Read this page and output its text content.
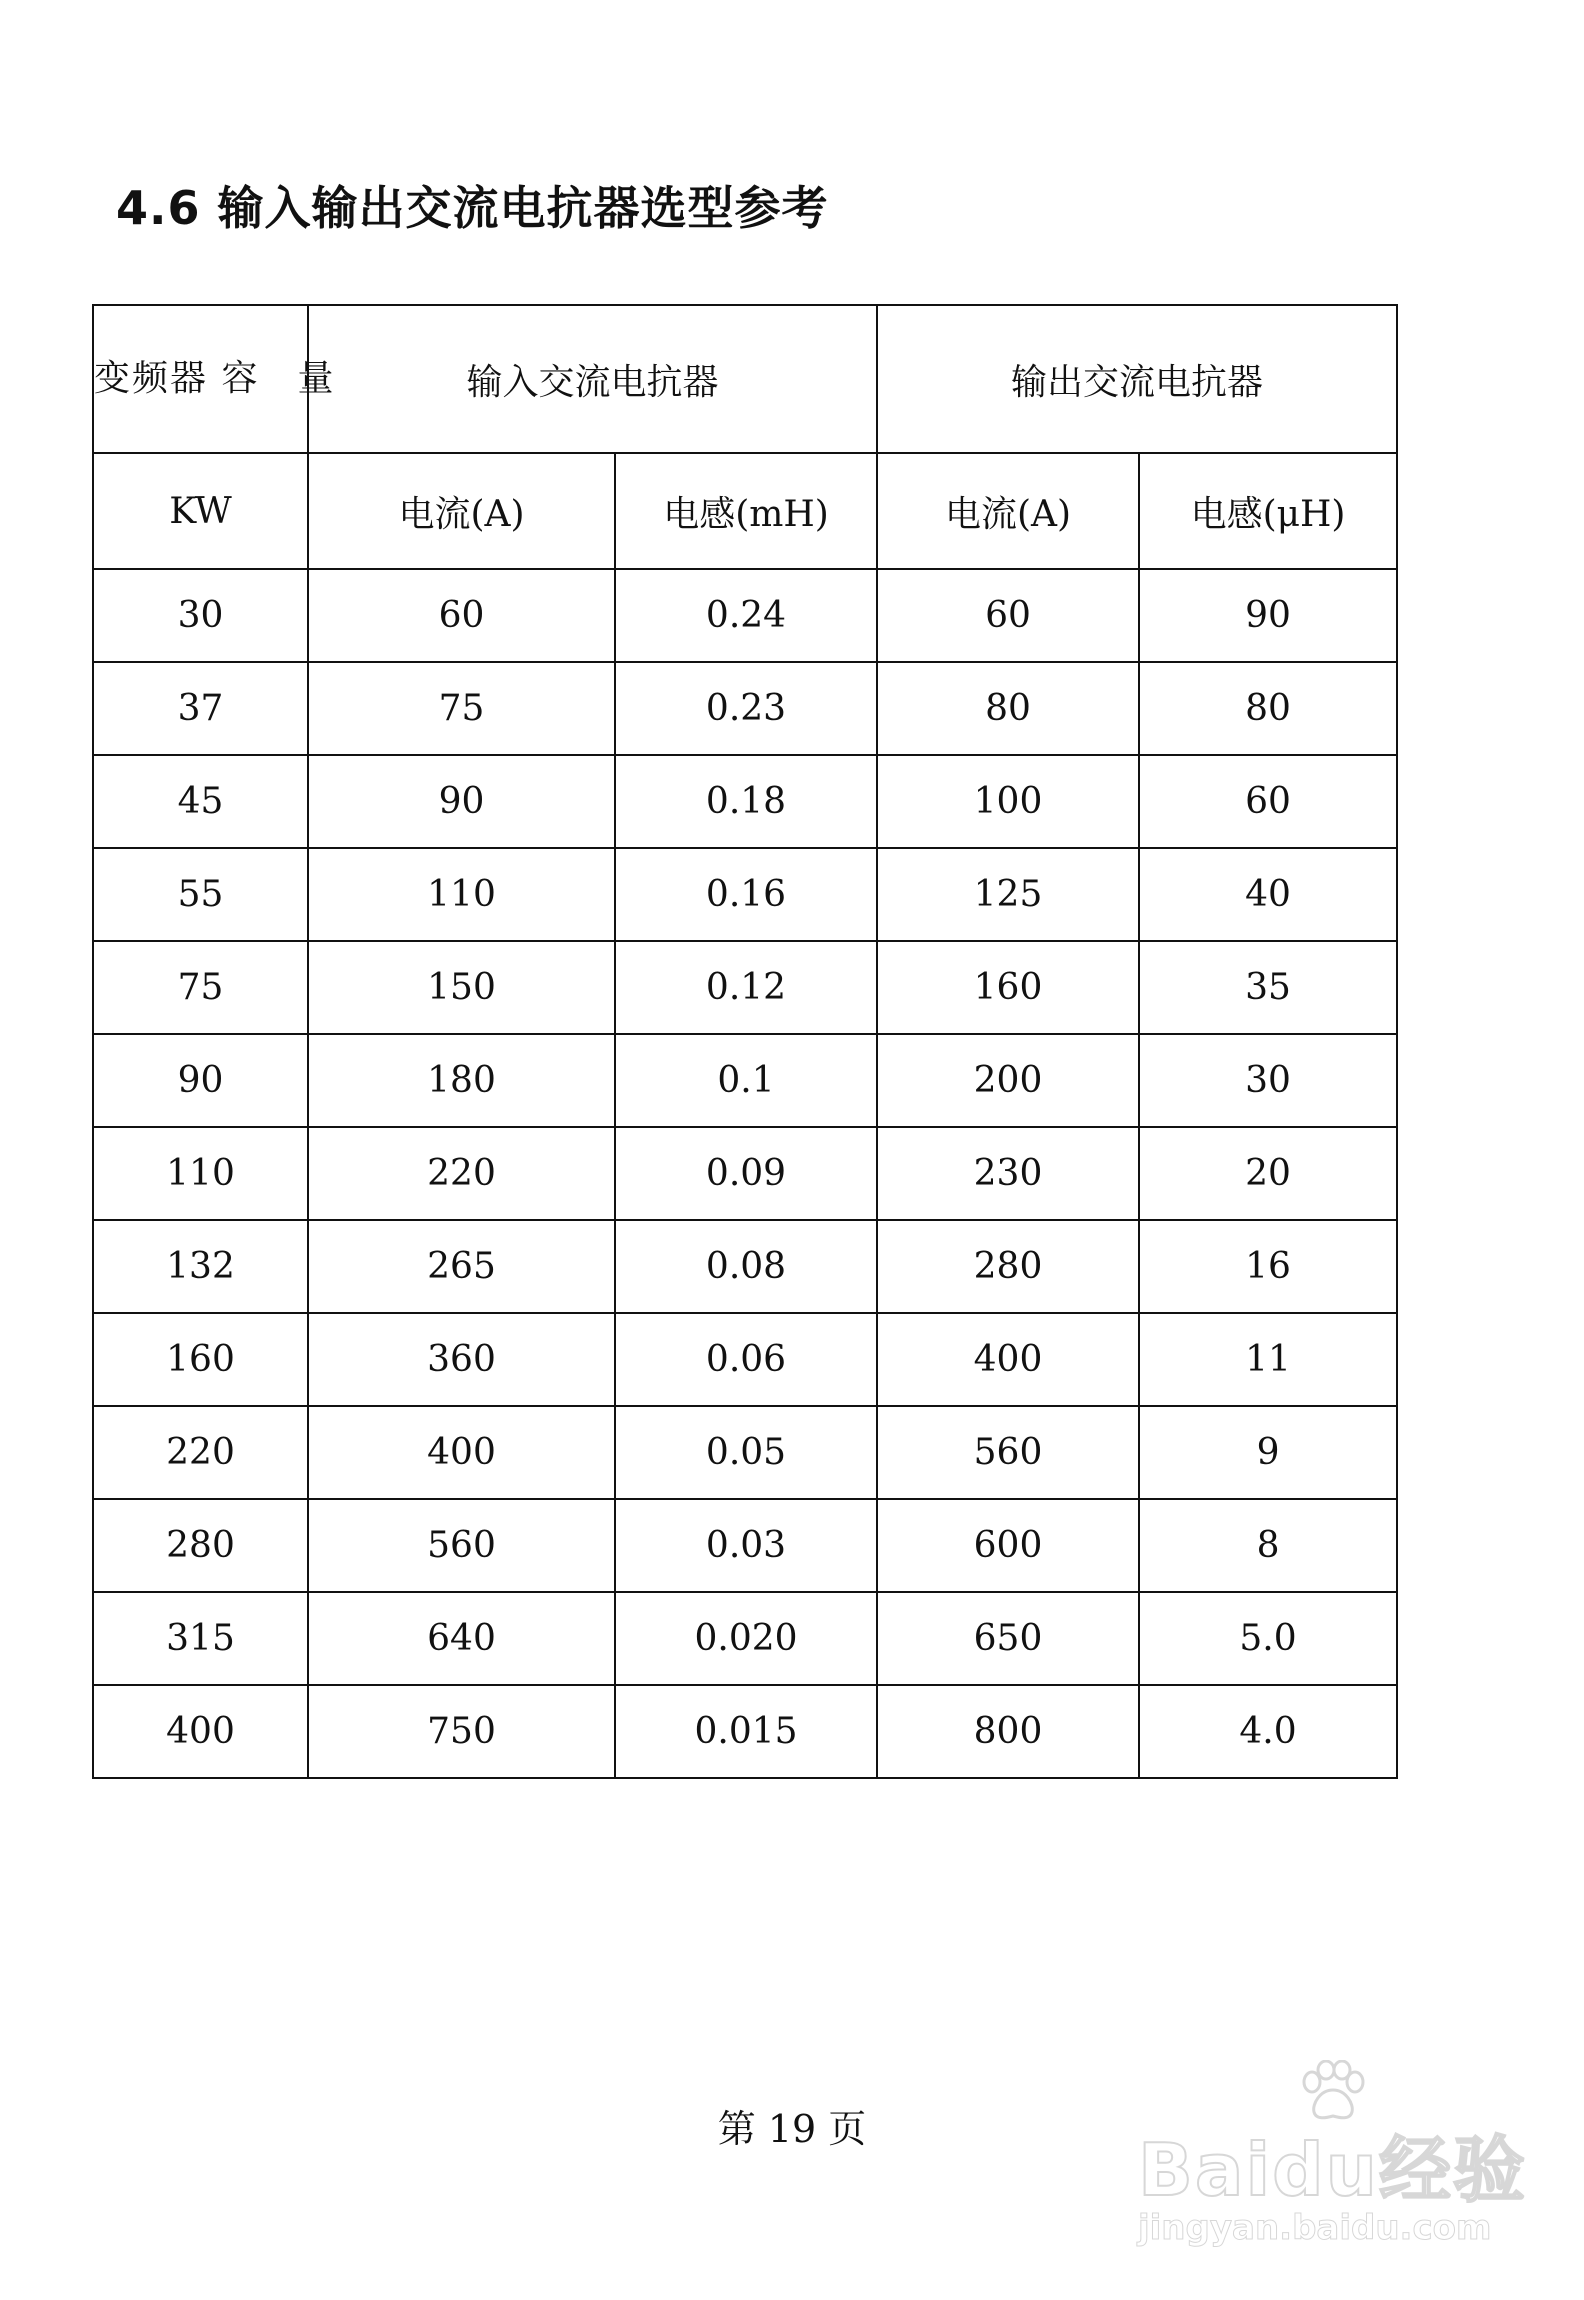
4.6 输入输出交流电抗器选型参考
变频器 容　量	输入交流电抗器		输出交流电抗器	
KW	电流(A)	电感(mH)	电流(A)	电感(μH)
30	60	0.24	60	90
37	75	0.23	80	80
45	90	0.18	100	60
55	110	0.16	125	40
75	150	0.12	160	35
90	180	0.1	200	30
110	220	0.09	230	20
132	265	0.08	280	16
160	360	0.06	400	11
220	400	0.05	560	9
280	560	0.03	600	8
315	640	0.020	650	5.0
400	750	0.015	800	4.0
第 19 页	Baidu经验
jingyan.baidu.com
